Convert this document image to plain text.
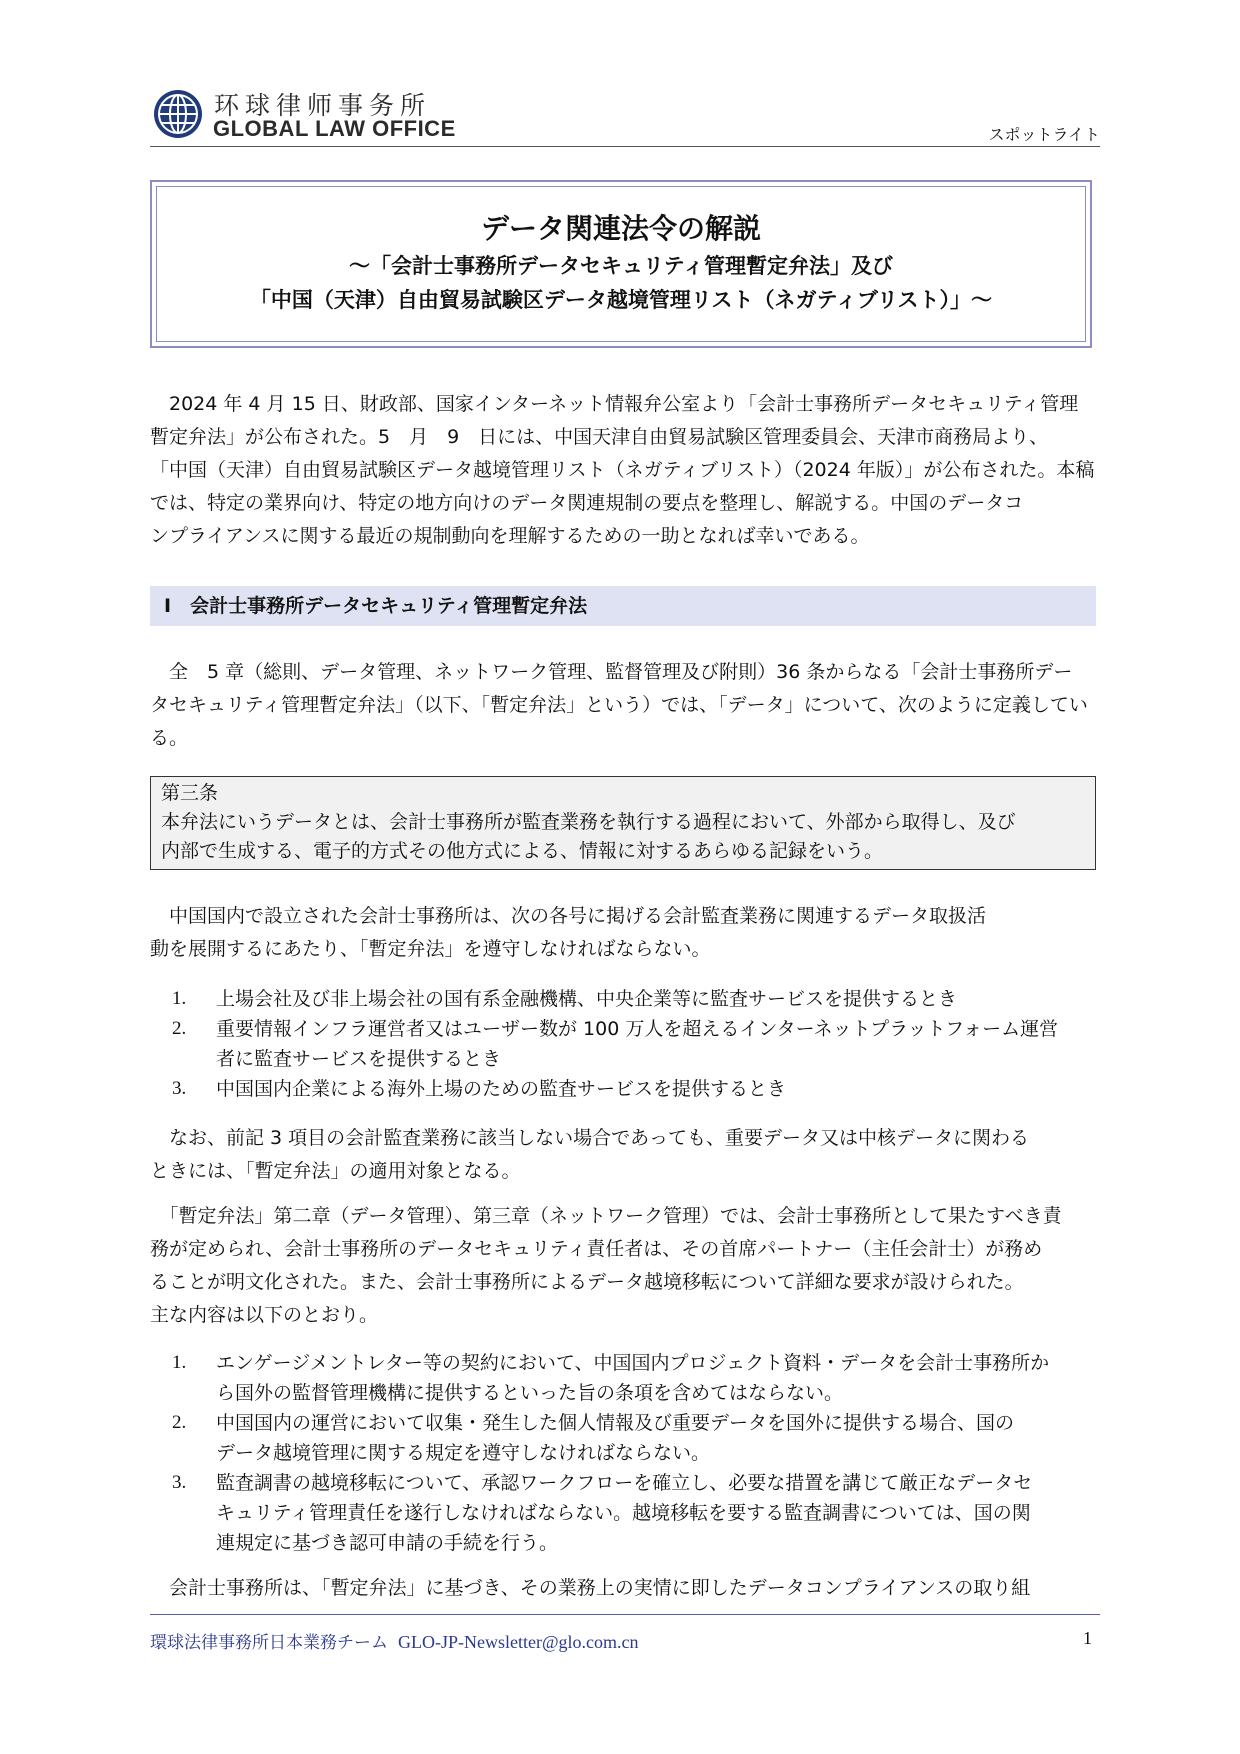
环球律师事务所
GLOBAL LAW OFFICE	スポットライト
データ関連法令の解説
～「会計士事務所データセキュリティ管理暫定弁法」及び
「中国（天津）自由貿易試験区データ越境管理リスト（ネガティブリスト）」～
　2024 年 4 月 15 日、財政部、国家インターネット情報弁公室より「会計士事務所データセキュリティ管理
暫定弁法」が公布された。5　月　9　日には、中国天津自由貿易試験区管理委員会、天津市商務局より、
「中国（天津）自由貿易試験区データ越境管理リスト（ネガティブリスト）（2024 年版）」が公布された。本稿
では、特定の業界向け、特定の地方向けのデータ関連規制の要点を整理し、解説する。中国のデータコ
ンプライアンスに関する最近の規制動向を理解するための一助となれば幸いである。
I　会計士事務所データセキュリティ管理暫定弁法
　全　5 章（総則、データ管理、ネットワーク管理、監督管理及び附則）36 条からなる「会計士事務所デー
タセキュリティ管理暫定弁法」（以下、「暫定弁法」という）では、「データ」について、次のように定義してい
る。
第三条
本弁法にいうデータとは、会計士事務所が監査業務を執行する過程において、外部から取得し、及び
内部で生成する、電子的方式その他方式による、情報に対するあらゆる記録をいう。
　中国国内で設立された会計士事務所は、次の各号に掲げる会計監査業務に関連するデータ取扱活
動を展開するにあたり、「暫定弁法」を遵守しなければならない。
1. 上場会社及び非上場会社の国有系金融機構、中央企業等に監査サービスを提供するとき
2. 重要情報インフラ運営者又はユーザー数が 100 万人を超えるインターネットプラットフォーム運営
者に監査サービスを提供するとき
3. 中国国内企業による海外上場のための監査サービスを提供するとき
　なお、前記 3 項目の会計監査業務に該当しない場合であっても、重要データ又は中核データに関わる
ときには、「暫定弁法」の適用対象となる。
　「暫定弁法」第二章（データ管理）、第三章（ネットワーク管理）では、会計士事務所として果たすべき責
務が定められ、会計士事務所のデータセキュリティ責任者は、その首席パートナー（主任会計士）が務め
ることが明文化された。また、会計士事務所によるデータ越境移転について詳細な要求が設けられた。
主な内容は以下のとおり。
1. エンゲージメントレター等の契約において、中国国内プロジェクト資料・データを会計士事務所か
ら国外の監督管理機構に提供するといった旨の条項を含めてはならない。
2. 中国国内の運営において収集・発生した個人情報及び重要データを国外に提供する場合、国の
データ越境管理に関する規定を遵守しなければならない。
3. 監査調書の越境移転について、承認ワークフローを確立し、必要な措置を講じて厳正なデータセ
キュリティ管理責任を遂行しなければならない。越境移転を要する監査調書については、国の関
連規定に基づき認可申請の手続を行う。
　会計士事務所は、「暫定弁法」に基づき、その業務上の実情に即したデータコンプライアンスの取り組
環球法律事務所日本業務チーム GLO-JP-Newsletter@glo.com.cn	1
